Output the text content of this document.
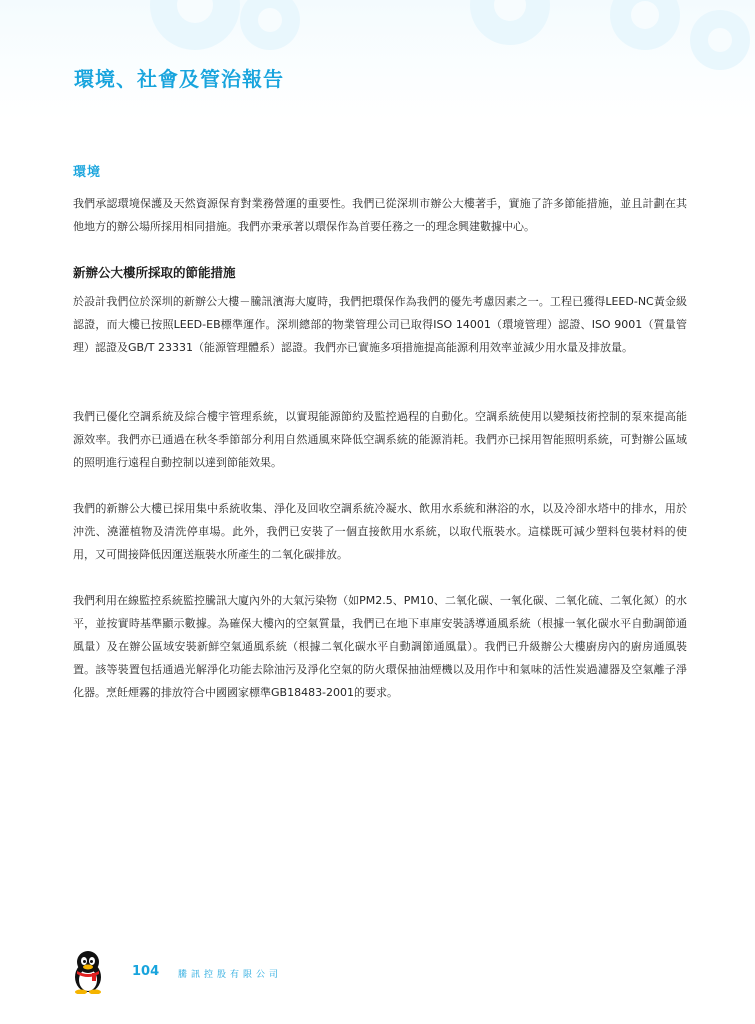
環境、社會及管治報告
環境

我們承認環境保護及天然資源保育對業務營運的重要性。我們已從深圳市辦公大樓著手，實施了許多節能措施，並且計劃在其他地方的辦公場所採用相同措施。我們亦秉承著以環保作為首要任務之一的理念興建數據中心。

新辦公大樓所採取的節能措施

於設計我們位於深圳的新辦公大樓－騰訊濱海大廈時，我們把環保作為我們的優先考慮因素之一。工程已獲得LEED-NC黃金級認證，而大樓已按照LEED-EB標準運作。深圳總部的物業管理公司已取得ISO 14001（環境管理）認證、ISO 9001（質量管理）認證及GB/T 23331（能源管理體系）認證。我們亦已實施多項措施提高能源利用效率並減少用水量及排放量。

我們已優化空調系統及綜合樓宇管理系統，以實現能源節約及監控過程的自動化。空調系統使用以變頻技術控制的泵來提高能源效率。我們亦已通過在秋冬季節部分利用自然通風來降低空調系統的能源消耗。我們亦已採用智能照明系統，可對辦公區域的照明進行遠程自動控制以達到節能效果。

我們的新辦公大樓已採用集中系統收集、淨化及回收空調系統冷凝水、飲用水系統和淋浴的水，以及冷卻水塔中的排水，用於沖洗、澆灌植物及清洗停車場。此外，我們已安裝了一個直接飲用水系統，以取代瓶裝水。這樣既可減少塑料包裝材料的使用，又可間接降低因運送瓶裝水所產生的二氧化碳排放。

我們利用在線監控系統監控騰訊大廈內外的大氣污染物（如PM2.5、PM10、二氧化碳、一氧化碳、二氧化硫、二氧化氮）的水平，並按實時基準顯示數據。為確保大樓內的空氣質量，我們已在地下車庫安裝誘導通風系統（根據一氧化碳水平自動調節通風量）及在辦公區域安裝新鮮空氣通風系統（根據二氧化碳水平自動調節通風量）。我們已升級辦公大樓廚房內的廚房通風裝置。該等裝置包括通過光解淨化功能去除油污及淨化空氣的防火環保抽油煙機以及用作中和氣味的活性炭過濾器及空氣離子淨化器。烹飪煙霧的排放符合中國國家標準GB18483-2001的要求。

104 騰訊控股有限公司
